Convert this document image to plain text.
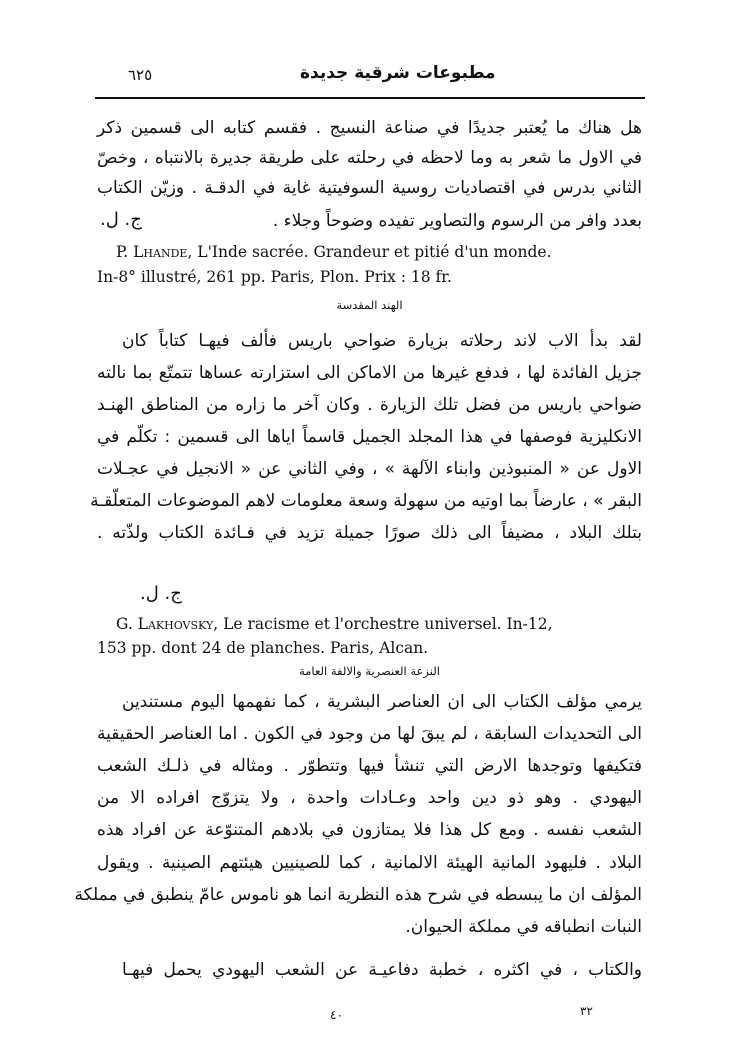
٦٢٥	مطبوعات شرقية جديدة
هل هناك ما يُعتبر جديدًا في صناعة النسيج . فقسم كتابه الى قسمين ذكر
في الاول ما شعر به وما لاحظه في رحلته على طريقة جديرة بالانتباه ، وخصّ
الثاني بدرس في اقتصاديات روسية السوفيتية غاية في الدقـة . وزيّن الكتاب
بعدد وافر من الرسوم والتصاوير تفيده وضوحاً وجلاء .
ج. ل.
P. Lhande, L'Inde sacrée. Grandeur et pitié d'un monde.
In-8° illustré, 261 pp. Paris, Plon. Prix : 18 fr.
الهند المقدسة
لقد بدأ الاب لاند رحلاته بزيارة ضواحي باريس فألف فيهـا كتاباً كان
جزيل الفائدة لها ، فدفع غيرها من الاماكن الى استزارته عساها تتمتّع بما نالته
ضواحي باريس من فضل تلك الزيارة . وكان آخر ما زاره من المناطق الهنـد
الانكليزية فوصفها في هذا المجلد الجميل قاسماً اياها الى قسمين : تكلّم في
الاول عن « المنبوذين وابناء الآلهة » ، وفي الثاني عن « الانجيل في عجـلات
البقر » ، عارضاً بما اوتيه من سهولة وسعة معلومات لاهم الموضوعات المتعلّقـة
بتلك البلاد ، مضيفاً الى ذلك صورًا جميلة تزيد في فـائدة الكتاب ولذّته .
ج. ل.
G. Lakhovsky, Le racisme et l'orchestre universel. In-12,
153 pp. dont 24 de planches. Paris, Alcan.
النزعة العنصرية والالفة العامة
يرمي مؤلف الكتاب الى ان العناصر البشرية ، كما نفهمها اليوم مستندين
الى التحديدات السابقة ، لم يبقَ لها من وجود في الكون . اما العناصر الحقيقية
فتكيفها وتوجدها الارض التي تنشأ فيها وتتطوّر . ومثاله في ذلـك الشعب
اليهودي . وهو ذو دين واحد وعـادات واحدة ، ولا يتزوّج افراده الا من
الشعب نفسه . ومع كل هذا فلا يمتازون في بلادهم المتنوّعة عن افراد هذه
البلاد . فليهود المانية الهيئة الالمانية ، كما للصينيين هيئتهم الصينية . ويقول
المؤلف ان ما يبسطه في شرح هذه النظرية انما هو ناموس عامّ ينطبق في مملكة
النبات انطباقه في مملكة الحيوان.
والكتاب ، في اكثره ، خطبة دفاعيـة عن الشعب اليهودي يحمل فيهـا
٤٠	٣٢
